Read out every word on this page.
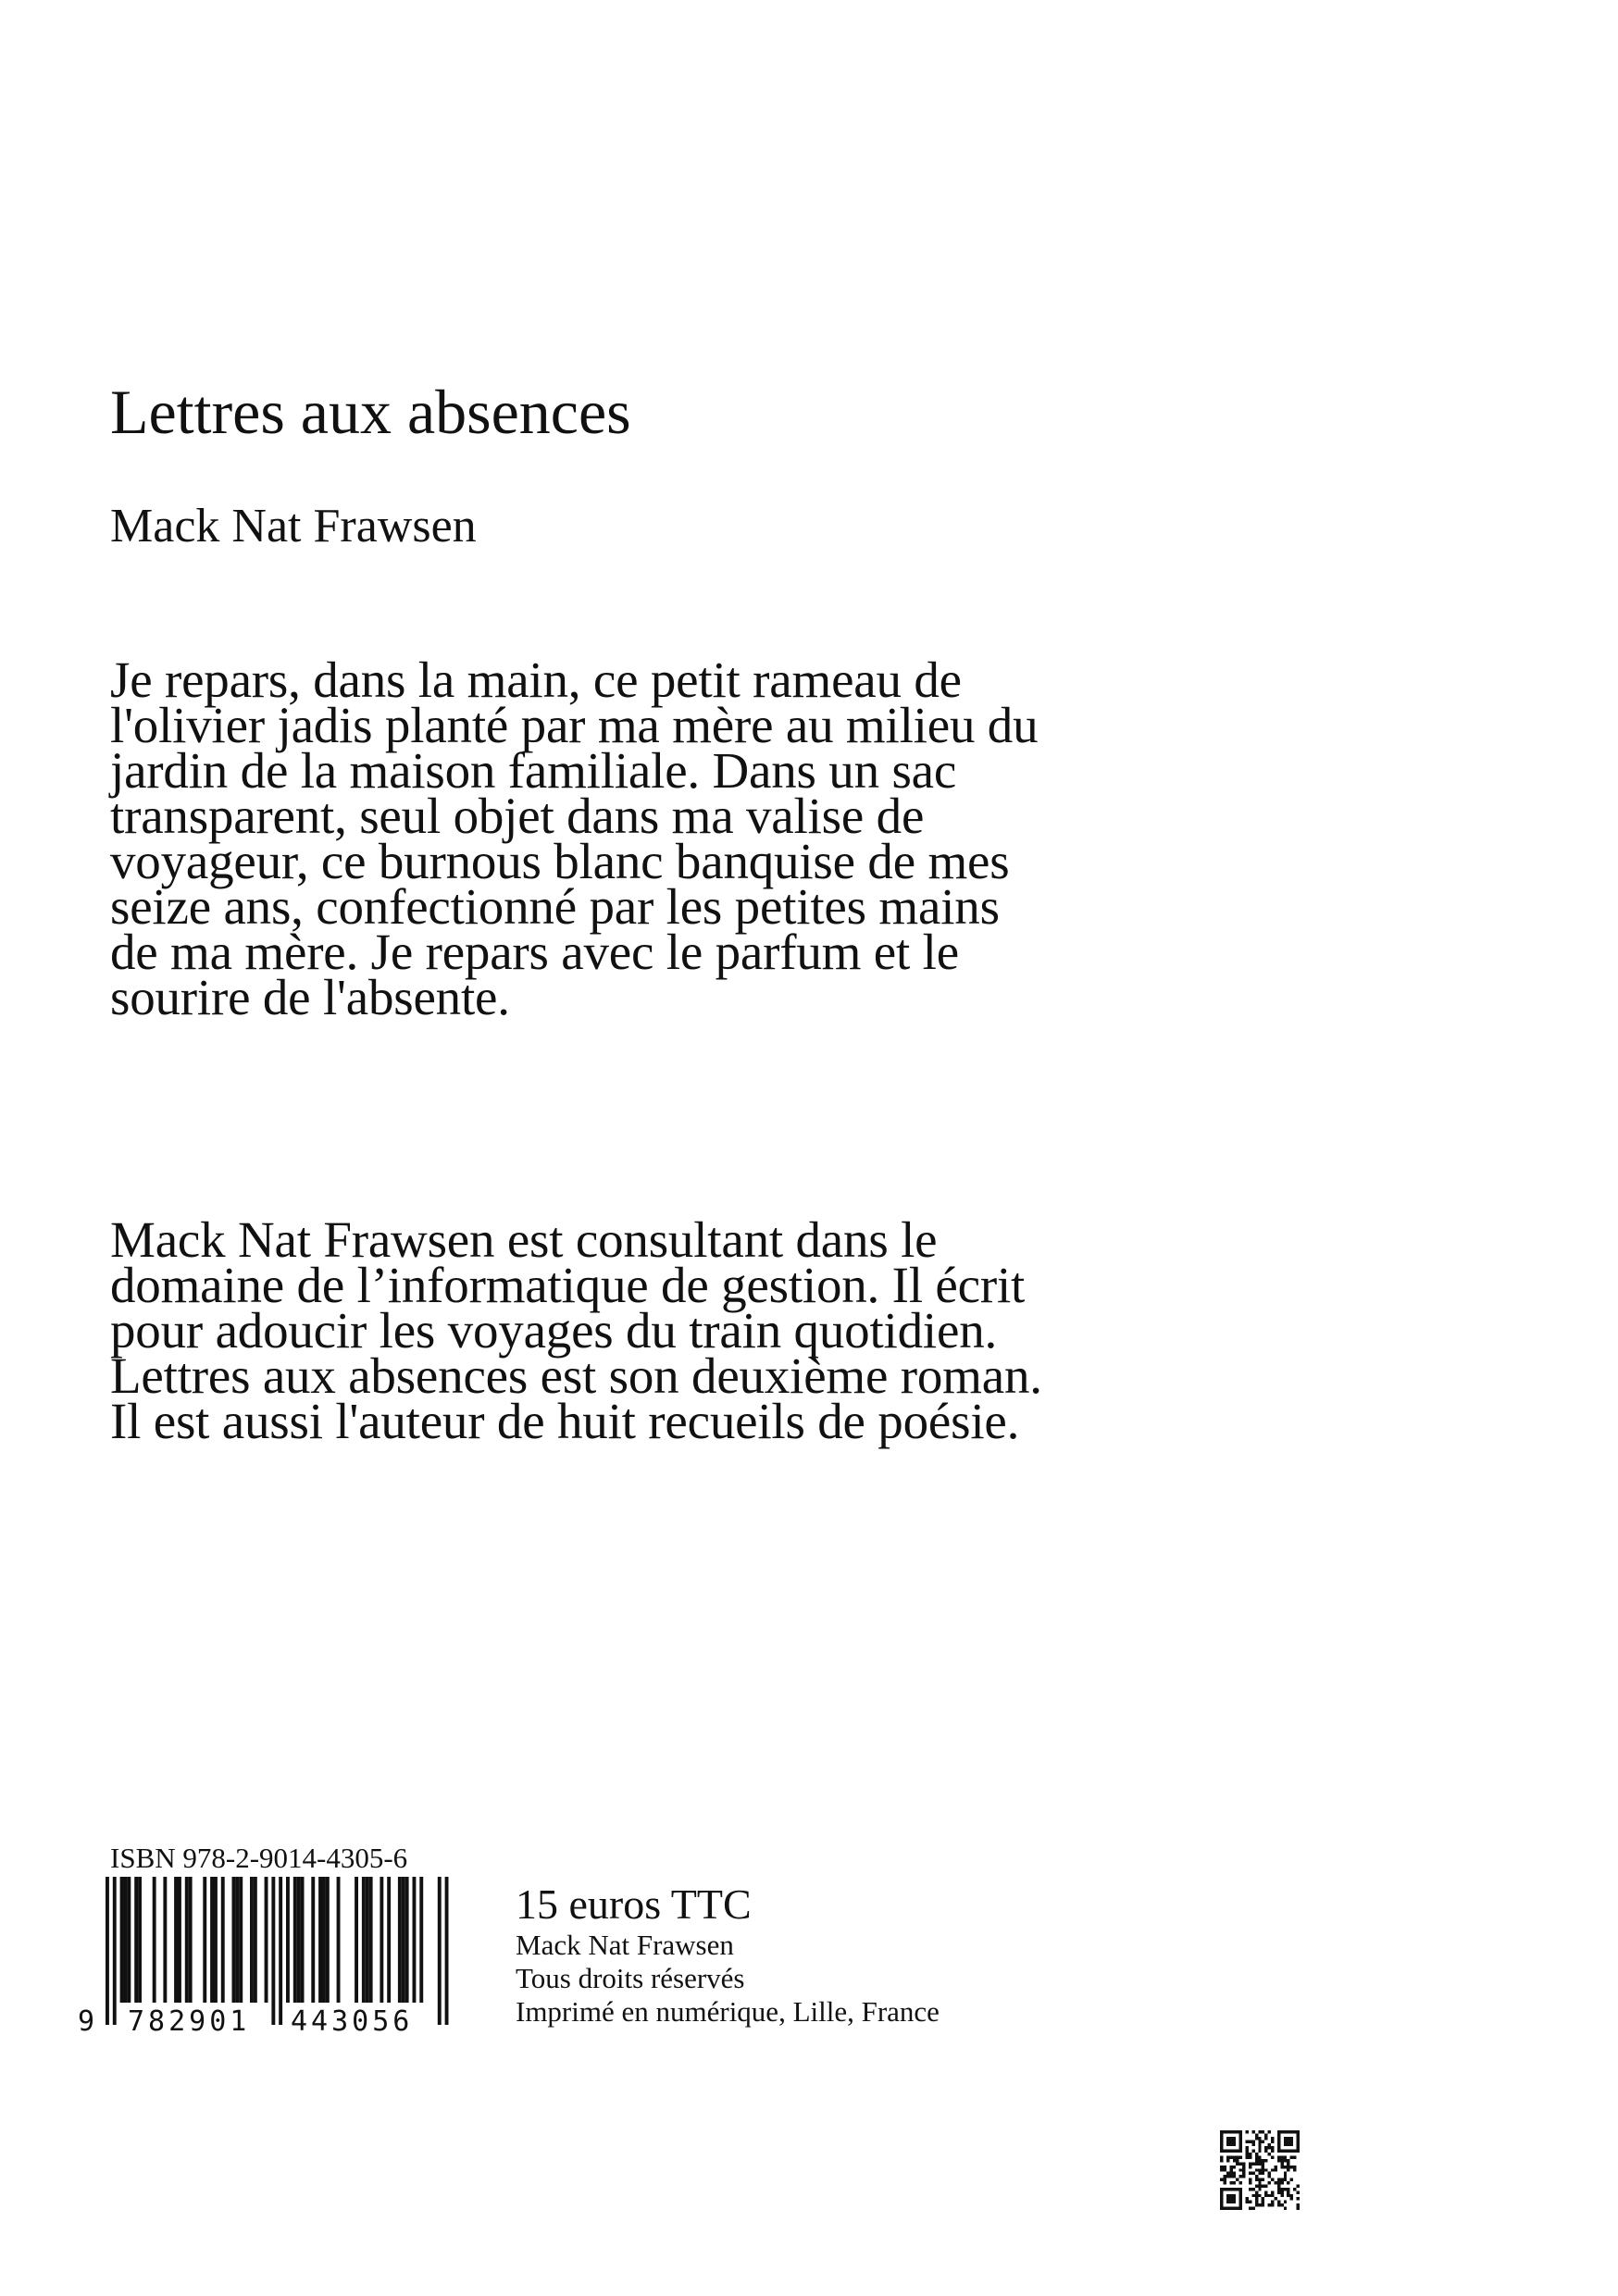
Lettres aux absences
Mack Nat Frawsen
Je repars, dans la main, ce petit rameau de
l'olivier jadis planté par ma mère au milieu du
jardin de la maison familiale. Dans un sac
transparent, seul objet dans ma valise de
voyageur, ce burnous blanc banquise de mes
seize ans, confectionné par les petites mains
de ma mère. Je repars avec le parfum et le
sourire de l'absente.
Mack Nat Frawsen est consultant dans le
domaine de l’informatique de gestion. Il écrit
pour adoucir les voyages du train quotidien.
Lettres aux absences est son deuxième roman.
Il est aussi l'auteur de huit recueils de poésie.
ISBN 978-2-9014-4305-6
9 782901 443056
15 euros TTC
Mack Nat Frawsen
Tous droits réservés
Imprimé en numérique, Lille, France
